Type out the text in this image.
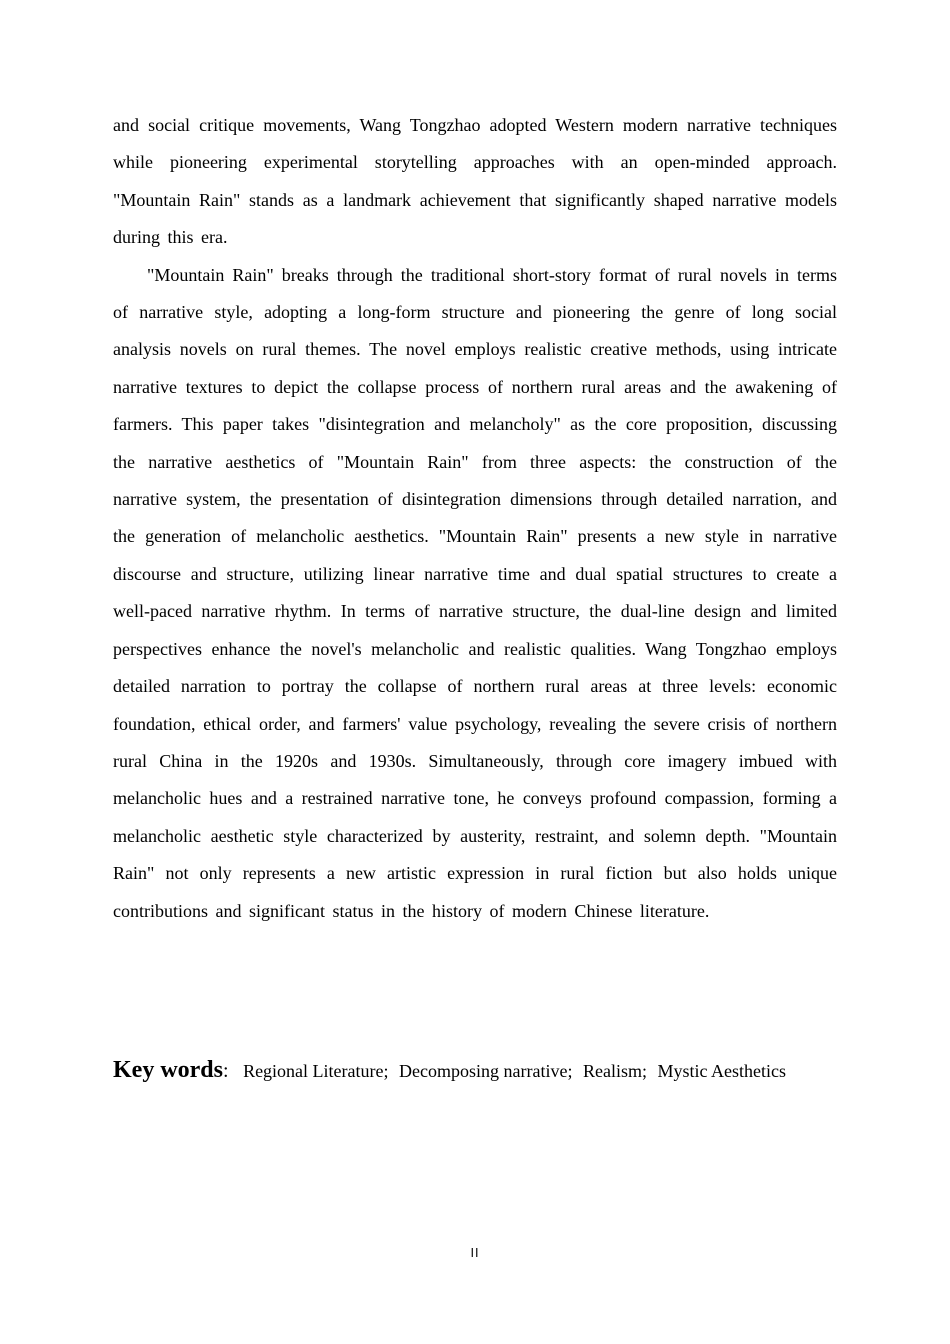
and social critique movements, Wang Tongzhao adopted Western modern narrative techniques while pioneering experimental storytelling approaches with an open-minded approach. "Mountain Rain" stands as a landmark achievement that significantly shaped narrative models during this era.

"Mountain Rain" breaks through the traditional short-story format of rural novels in terms of narrative style, adopting a long-form structure and pioneering the genre of long social analysis novels on rural themes. The novel employs realistic creative methods, using intricate narrative textures to depict the collapse process of northern rural areas and the awakening of farmers. This paper takes "disintegration and melancholy" as the core proposition, discussing the narrative aesthetics of "Mountain Rain" from three aspects: the construction of the narrative system, the presentation of disintegration dimensions through detailed narration, and the generation of melancholic aesthetics. "Mountain Rain" presents a new style in narrative discourse and structure, utilizing linear narrative time and dual spatial structures to create a well-paced narrative rhythm. In terms of narrative structure, the dual-line design and limited perspectives enhance the novel's melancholic and realistic qualities. Wang Tongzhao employs detailed narration to portray the collapse of northern rural areas at three levels: economic foundation, ethical order, and farmers' value psychology, revealing the severe crisis of northern rural China in the 1920s and 1930s. Simultaneously, through core imagery imbued with melancholic hues and a restrained narrative tone, he conveys profound compassion, forming a melancholic aesthetic style characterized by austerity, restraint, and solemn depth. "Mountain Rain" not only represents a new artistic expression in rural fiction but also holds unique contributions and significant status in the history of modern Chinese literature.

Key words: Regional Literature; Decomposing narrative; Realism; Mystic Aesthetics
II
